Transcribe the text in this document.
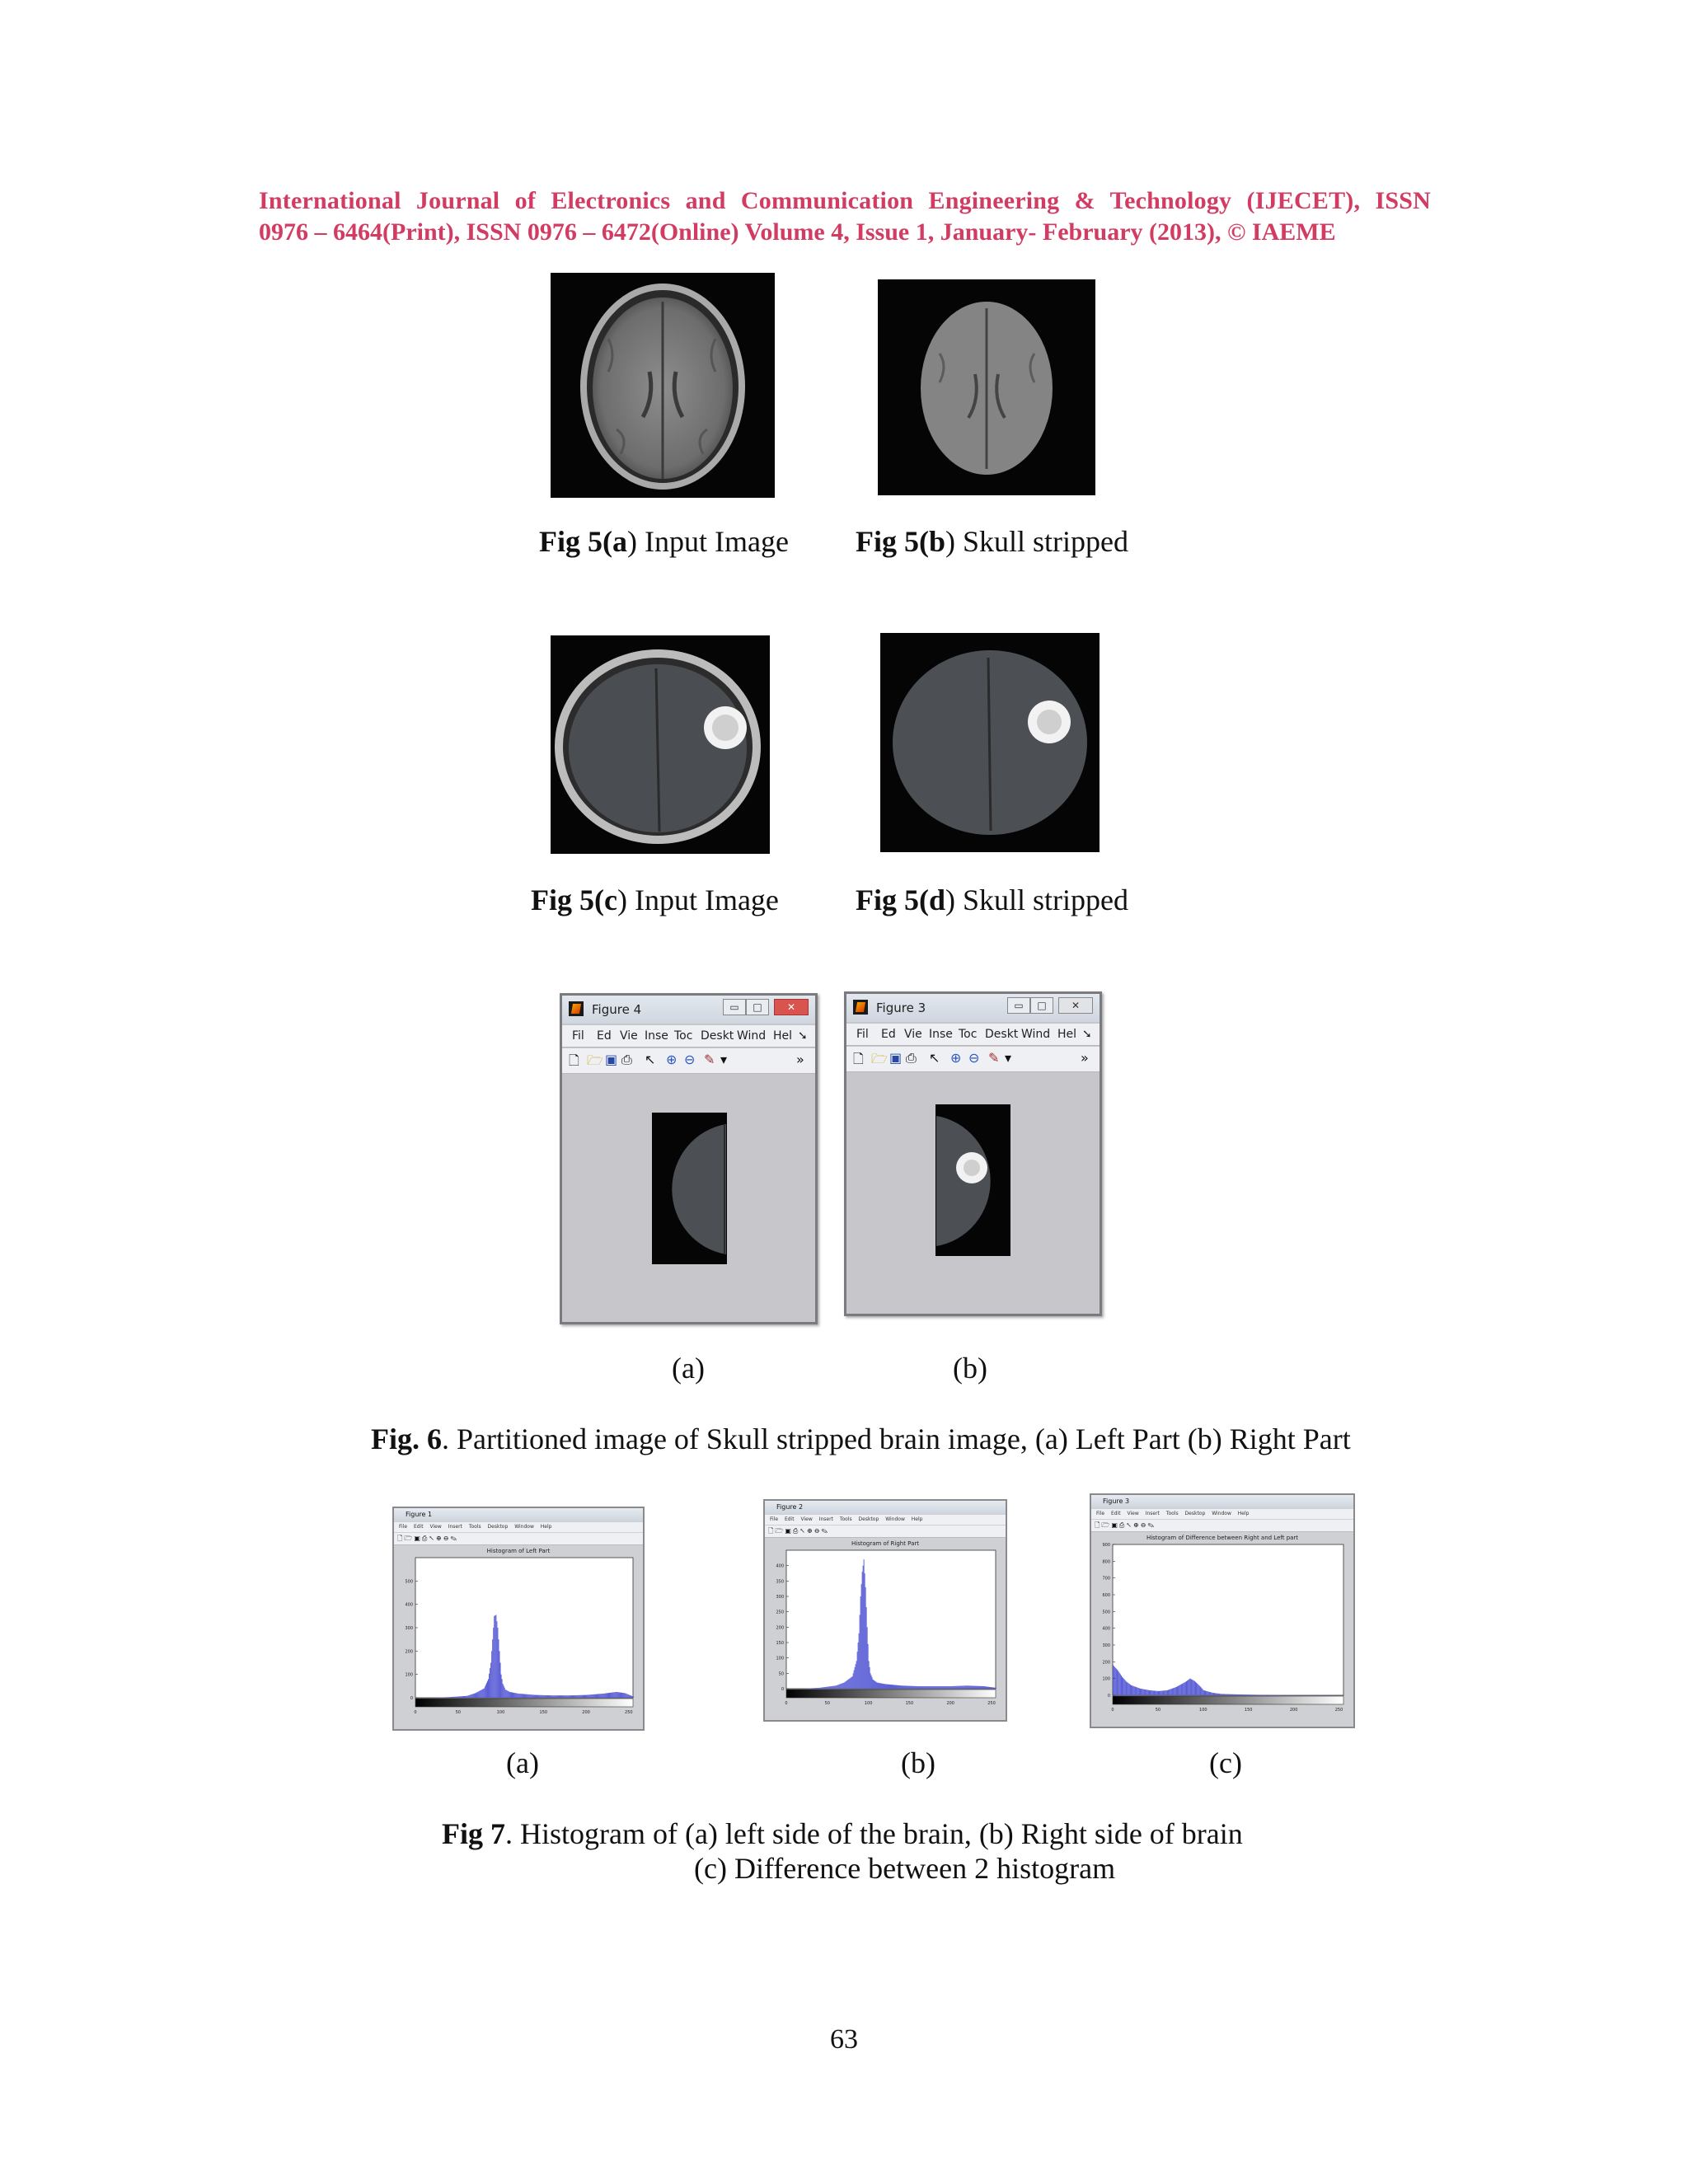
International Journal of Electronics and Communication Engineering & Technology (IJECET), ISSN
0976 – 6464(Print), ISSN 0976 – 6472(Online) Volume 4, Issue 1, January- February (2013), © IAEME
Fig 5(a) Input Image Fig 5(b) Skull stripped
Fig 5(c) Input Image	Fig 5(d) Skull stripped
Figure 4	▭	□	✕
Fil Ed Vie Inse Toc Deskt Wind Hel ➘
🗋 🗁 ▣ ⎙ ↖ ⊕ ⊖ ✎ ▾	»
Figure 3	▭	□	✕
Fil Ed Vie Inse Toc Deskt Wind Hel ➘
🗋 🗁 ▣ ⎙ ↖ ⊕ ⊖ ✎ ▾	»
(a)	(b)
Fig. 6. Partitioned image of Skull stripped brain image, (a) Left Part (b) Right Part
Figure 1
File Edit View Insert Tools Desktop Window Help
🗋🗁▣⎙↖⊕⊖✎
Histogram of Left Part
0
100
200
300
400
500
0	50	100	150	200	250
Figure 2
File Edit View Insert Tools Desktop Window Help
🗋🗁▣⎙↖⊕⊖✎
Histogram of Right Part
0
50
100
150
200
250
300
350
400
0	50	100	150	200	250
Figure 3
File Edit View Insert Tools Desktop Window Help
🗋🗁▣⎙↖⊕⊖✎
Histogram of Difference between Right and Left part
0
100
200
300
400
500
600
700
800
900
0	50	100	150	200	250
(a)	(b)	(c)
Fig 7. Histogram of (a) left side of the brain, (b) Right side of brain
(c) Difference between 2 histogram
63
